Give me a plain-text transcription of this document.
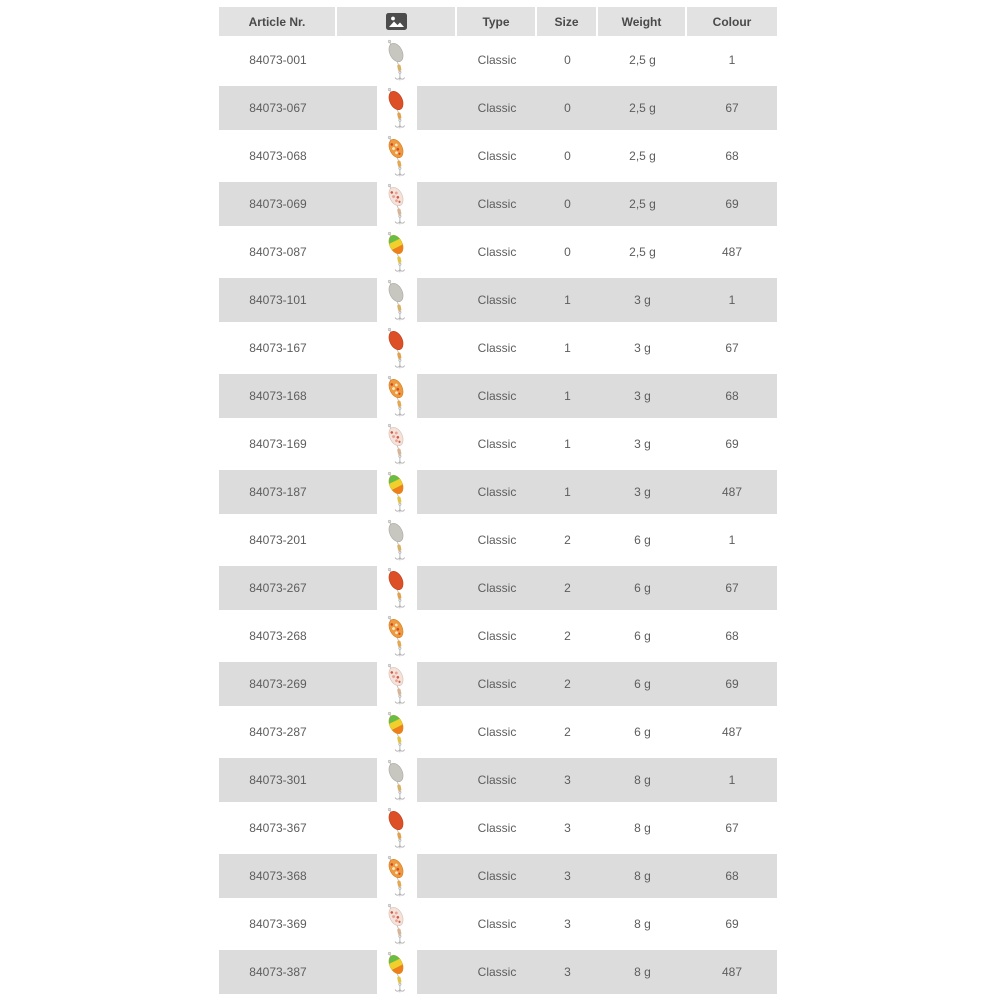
Article Nr.	Type	Size	Weight	Colour
84073-001	Classic	0	2,5 g	1
84073-067	Classic	0	2,5 g	67
84073-068	Classic	0	2,5 g	68
84073-069	Classic	0	2,5 g	69
84073-087	Classic	0	2,5 g	487
84073-101	Classic	1	3 g	1
84073-167	Classic	1	3 g	67
84073-168	Classic	1	3 g	68
84073-169	Classic	1	3 g	69
84073-187	Classic	1	3 g	487
84073-201	Classic	2	6 g	1
84073-267	Classic	2	6 g	67
84073-268	Classic	2	6 g	68
84073-269	Classic	2	6 g	69
84073-287	Classic	2	6 g	487
84073-301	Classic	3	8 g	1
84073-367	Classic	3	8 g	67
84073-368	Classic	3	8 g	68
84073-369	Classic	3	8 g	69
84073-387	Classic	3	8 g	487
